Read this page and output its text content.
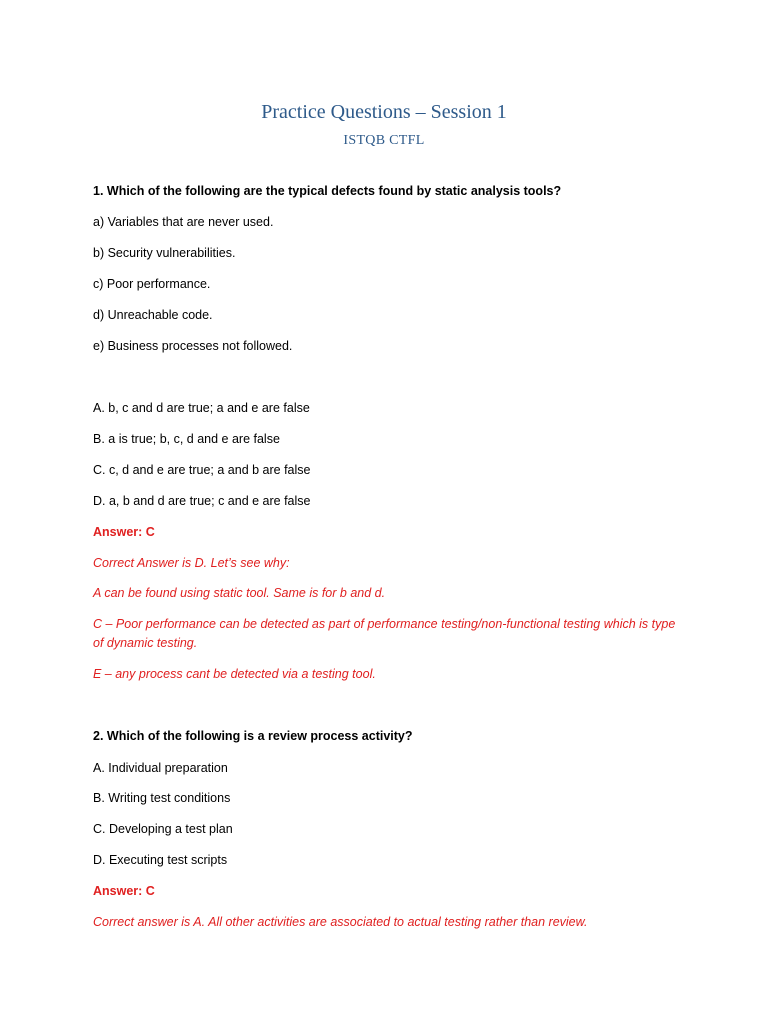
Practice Questions – Session 1
ISTQB CTFL
1. Which of the following are the typical defects found by static analysis tools?
a) Variables that are never used.
b) Security vulnerabilities.
c) Poor performance.
d) Unreachable code.
e) Business processes not followed.
A. b, c and d are true; a and e are false
B. a is true; b, c, d and e are false
C. c, d and e are true; a and b are false
D. a, b and d are true; c and e are false
Answer: C
Correct Answer is D. Let’s see why:
A can be found using static tool. Same is for b and d.
C – Poor performance can be detected as part of performance testing/non-functional testing which is type of dynamic testing.
E – any process cant be detected via a testing tool.
2. Which of the following is a review process activity?
A. Individual preparation
B. Writing test conditions
C. Developing a test plan
D. Executing test scripts
Answer: C
Correct answer is A. All other activities are associated to actual testing rather than review.
